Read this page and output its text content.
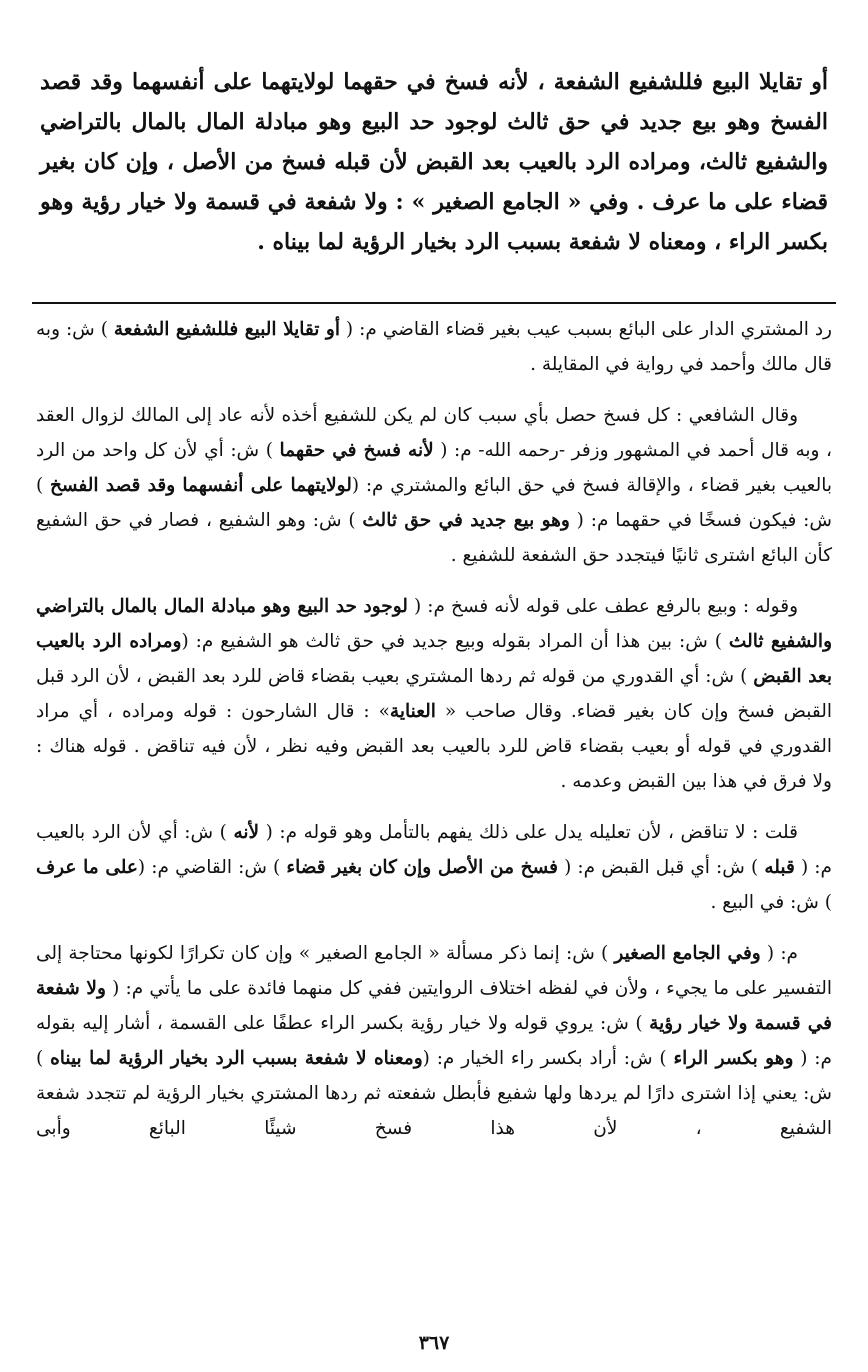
أو تقايلا البيع فللشفيع الشفعة ، لأنه فسخ في حقهما لولايتهما على أنفسهما وقد قصد الفسخ وهو بيع جديد في حق ثالث لوجود حد البيع وهو مبادلة المال بالمال بالتراضي والشفيع ثالث، ومراده الرد بالعيب بعد القبض لأن قبله فسخ من الأصل ، وإن كان بغير قضاء على ما عرف . وفي « الجامع الصغير » : ولا شفعة في قسمة ولا خيار رؤية وهو بكسر الراء ، ومعناه لا شفعة بسبب الرد بخيار الرؤية لما بيناه .

رد المشتري الدار على البائع بسبب عيب بغير قضاء القاضي م: ( أو تقايلا البيع فللشفيع الشفعة ) ش: وبه قال مالك وأحمد في رواية في المقايلة .

وقال الشافعي : كل فسخ حصل بأي سبب كان لم يكن للشفيع أخذه لأنه عاد إلى المالك لزوال العقد ، وبه قال أحمد في المشهور وزفر -رحمه الله- م: ( لأنه فسخ في حقهما ) ش: أي لأن كل واحد من الرد بالعيب بغير قضاء ، والإقالة فسخ في حق البائع والمشتري م: (لولايتهما على أنفسهما وقد قصد الفسخ ) ش: فيكون فسخًا في حقهما م: ( وهو بيع جديد في حق ثالث ) ش: وهو الشفيع ، فصار في حق الشفيع كأن البائع اشترى ثانيًا فيتجدد حق الشفعة للشفيع .

وقوله : وبيع بالرفع عطف على قوله لأنه فسخ م: ( لوجود حد البيع وهو مبادلة المال بالمال بالتراضي والشفيع ثالث ) ش: بين هذا أن المراد بقوله وبيع جديد في حق ثالث هو الشفيع م: (ومراده الرد بالعيب بعد القبض ) ش: أي القدوري من قوله ثم ردها المشتري بعيب بقضاء قاض للرد بعد القبض ، لأن الرد قبل القبض فسخ وإن كان بغير قضاء. وقال صاحب « العناية» : قال الشارحون : قوله ومراده ، أي مراد القدوري في قوله أو بعيب بقضاء قاض للرد بالعيب بعد القبض وفيه نظر ، لأن فيه تناقض . قوله هناك : ولا فرق في هذا بين القبض وعدمه .

قلت : لا تناقض ، لأن تعليله يدل على ذلك يفهم بالتأمل وهو قوله م: ( لأنه ) ش: أي لأن الرد بالعيب م: ( قبله ) ش: أي قبل القبض م: ( فسخ من الأصل وإن كان بغير قضاء ) ش: القاضي م: (على ما عرف ) ش: في البيع .

م: ( وفي الجامع الصغير ) ش: إنما ذكر مسألة « الجامع الصغير » وإن كان تكرارًا لكونها محتاجة إلى التفسير على ما يجيء ، ولأن في لفظه اختلاف الروايتين ففي كل منهما فائدة على ما يأتي م: ( ولا شفعة في قسمة ولا خيار رؤية ) ش: يروي قوله ولا خيار رؤية بكسر الراء عطفًا على القسمة ، أشار إليه بقوله م: ( وهو بكسر الراء ) ش: أراد بكسر راء الخيار م: (ومعناه لا شفعة بسبب الرد بخيار الرؤية لما بيناه ) ش: يعني إذا اشترى دارًا لم يردها ولها شفيع فأبطل شفعته ثم ردها المشتري بخيار الرؤية لم تتجدد شفعة الشفيع ، لأن هذا فسخ شيئًا البائع وأبى

٣٦٧
